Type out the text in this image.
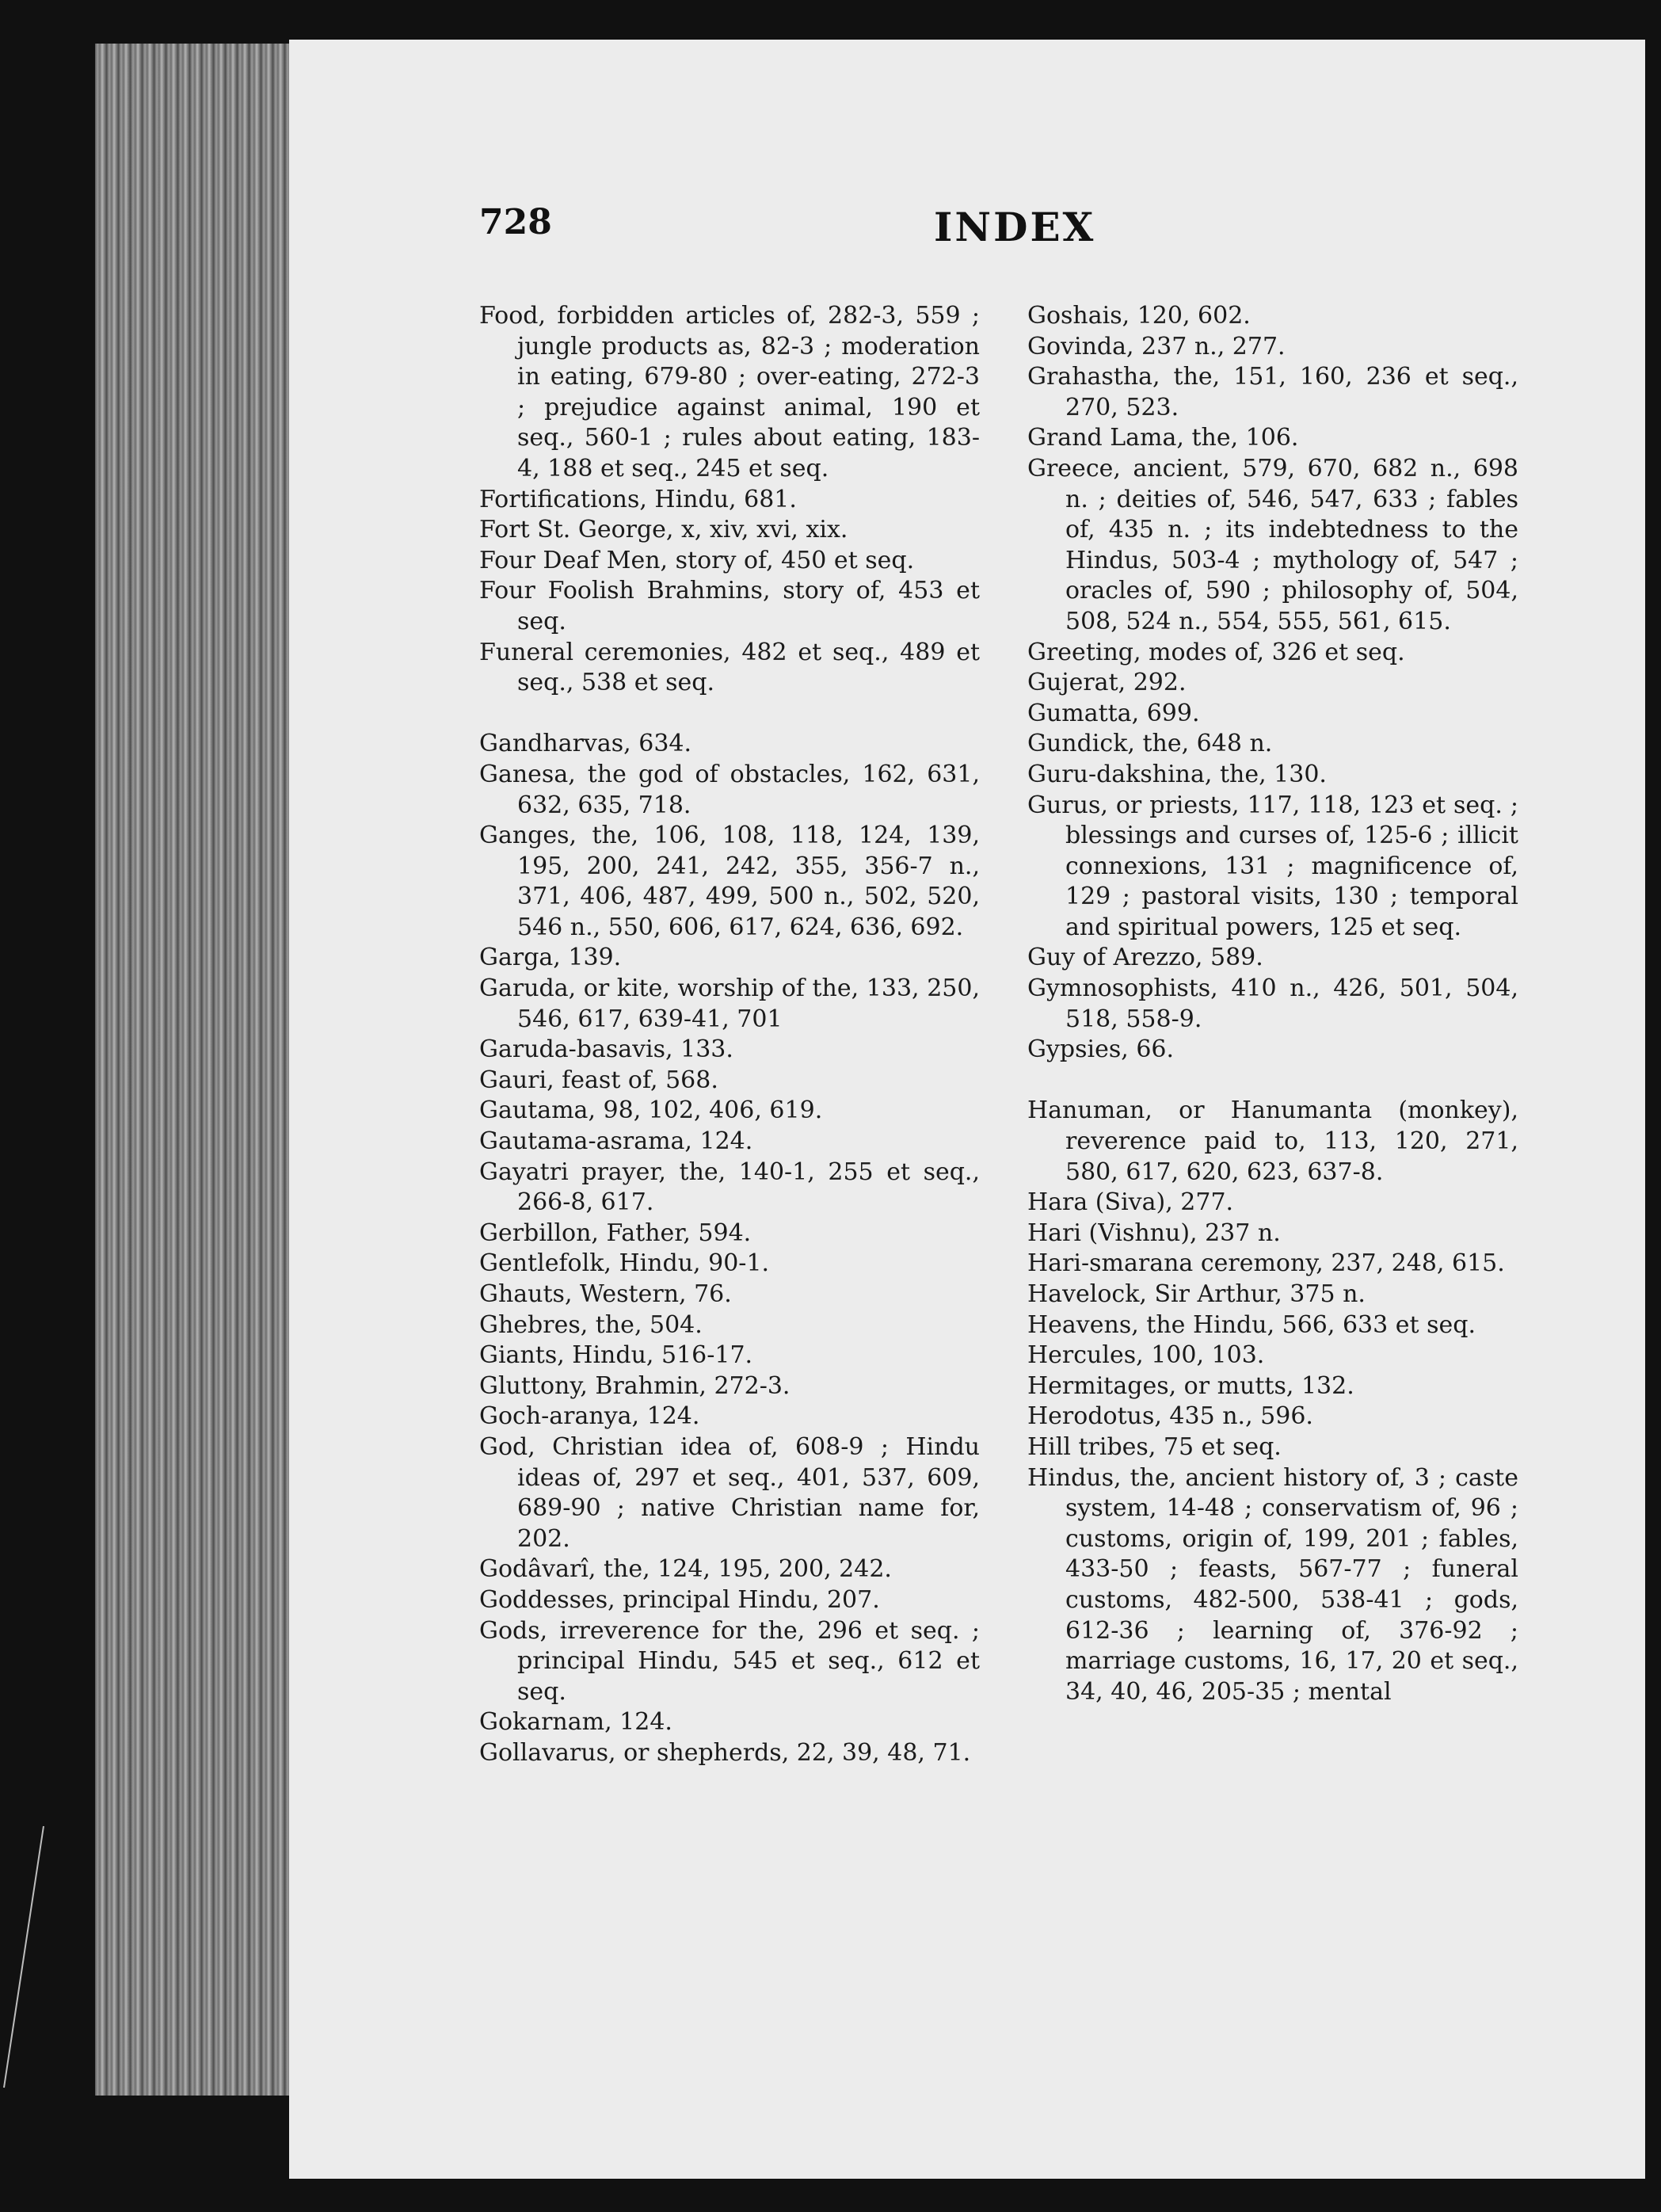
728	INDEX
Food, forbidden articles of, 282-3, 559 ; jungle products as, 82-3 ; moderation in eating, 679-80 ; over-eating, 272-3 ; prejudice against animal, 190 et seq., 560-1 ; rules about eating, 183-4, 188 et seq., 245 et seq.
Fortifications, Hindu, 681.
Fort St. George, x, xiv, xvi, xix.
Four Deaf Men, story of, 450 et seq.
Four Foolish Brahmins, story of, 453 et seq.
Funeral ceremonies, 482 et seq., 489 et seq., 538 et seq.
Gandharvas, 634.
Ganesa, the god of obstacles, 162, 631, 632, 635, 718.
Ganges, the, 106, 108, 118, 124, 139, 195, 200, 241, 242, 355, 356-7 n., 371, 406, 487, 499, 500 n., 502, 520, 546 n., 550, 606, 617, 624, 636, 692.
Garga, 139.
Garuda, or kite, worship of the, 133, 250, 546, 617, 639-41, 701
Garuda-basavis, 133.
Gauri, feast of, 568.
Gautama, 98, 102, 406, 619.
Gautama-asrama, 124.
Gayatri prayer, the, 140-1, 255 et seq., 266-8, 617.
Gerbillon, Father, 594.
Gentlefolk, Hindu, 90-1.
Ghauts, Western, 76.
Ghebres, the, 504.
Giants, Hindu, 516-17.
Gluttony, Brahmin, 272-3.
Goch-aranya, 124.
God, Christian idea of, 608-9 ; Hindu ideas of, 297 et seq., 401, 537, 609, 689-90 ; native Christian name for, 202.
Godâvarî, the, 124, 195, 200, 242.
Goddesses, principal Hindu, 207.
Gods, irreverence for the, 296 et seq. ; principal Hindu, 545 et seq., 612 et seq.
Gokarnam, 124.
Gollavarus, or shepherds, 22, 39, 48, 71.
Goshais, 120, 602.
Govinda, 237 n., 277.
Grahastha, the, 151, 160, 236 et seq., 270, 523.
Grand Lama, the, 106.
Greece, ancient, 579, 670, 682 n., 698 n. ; deities of, 546, 547, 633 ; fables of, 435 n. ; its indebtedness to the Hindus, 503-4 ; mythology of, 547 ; oracles of, 590 ; philosophy of, 504, 508, 524 n., 554, 555, 561, 615.
Greeting, modes of, 326 et seq.
Gujerat, 292.
Gumatta, 699.
Gundick, the, 648 n.
Guru-dakshina, the, 130.
Gurus, or priests, 117, 118, 123 et seq. ; blessings and curses of, 125-6 ; illicit connexions, 131 ; magnificence of, 129 ; pastoral visits, 130 ; temporal and spiritual powers, 125 et seq.
Guy of Arezzo, 589.
Gymnosophists, 410 n., 426, 501, 504, 518, 558-9.
Gypsies, 66.
Hanuman, or Hanumanta (monkey), reverence paid to, 113, 120, 271, 580, 617, 620, 623, 637-8.
Hara (Siva), 277.
Hari (Vishnu), 237 n.
Hari-smarana ceremony, 237, 248, 615.
Havelock, Sir Arthur, 375 n.
Heavens, the Hindu, 566, 633 et seq.
Hercules, 100, 103.
Hermitages, or mutts, 132.
Herodotus, 435 n., 596.
Hill tribes, 75 et seq.
Hindus, the, ancient history of, 3 ; caste system, 14-48 ; conservatism of, 96 ; customs, origin of, 199, 201 ; fables, 433-50 ; feasts, 567-77 ; funeral customs, 482-500, 538-41 ; gods, 612-36 ; learning of, 376-92 ; marriage customs, 16, 17, 20 et seq., 34, 40, 46, 205-35 ; mental
